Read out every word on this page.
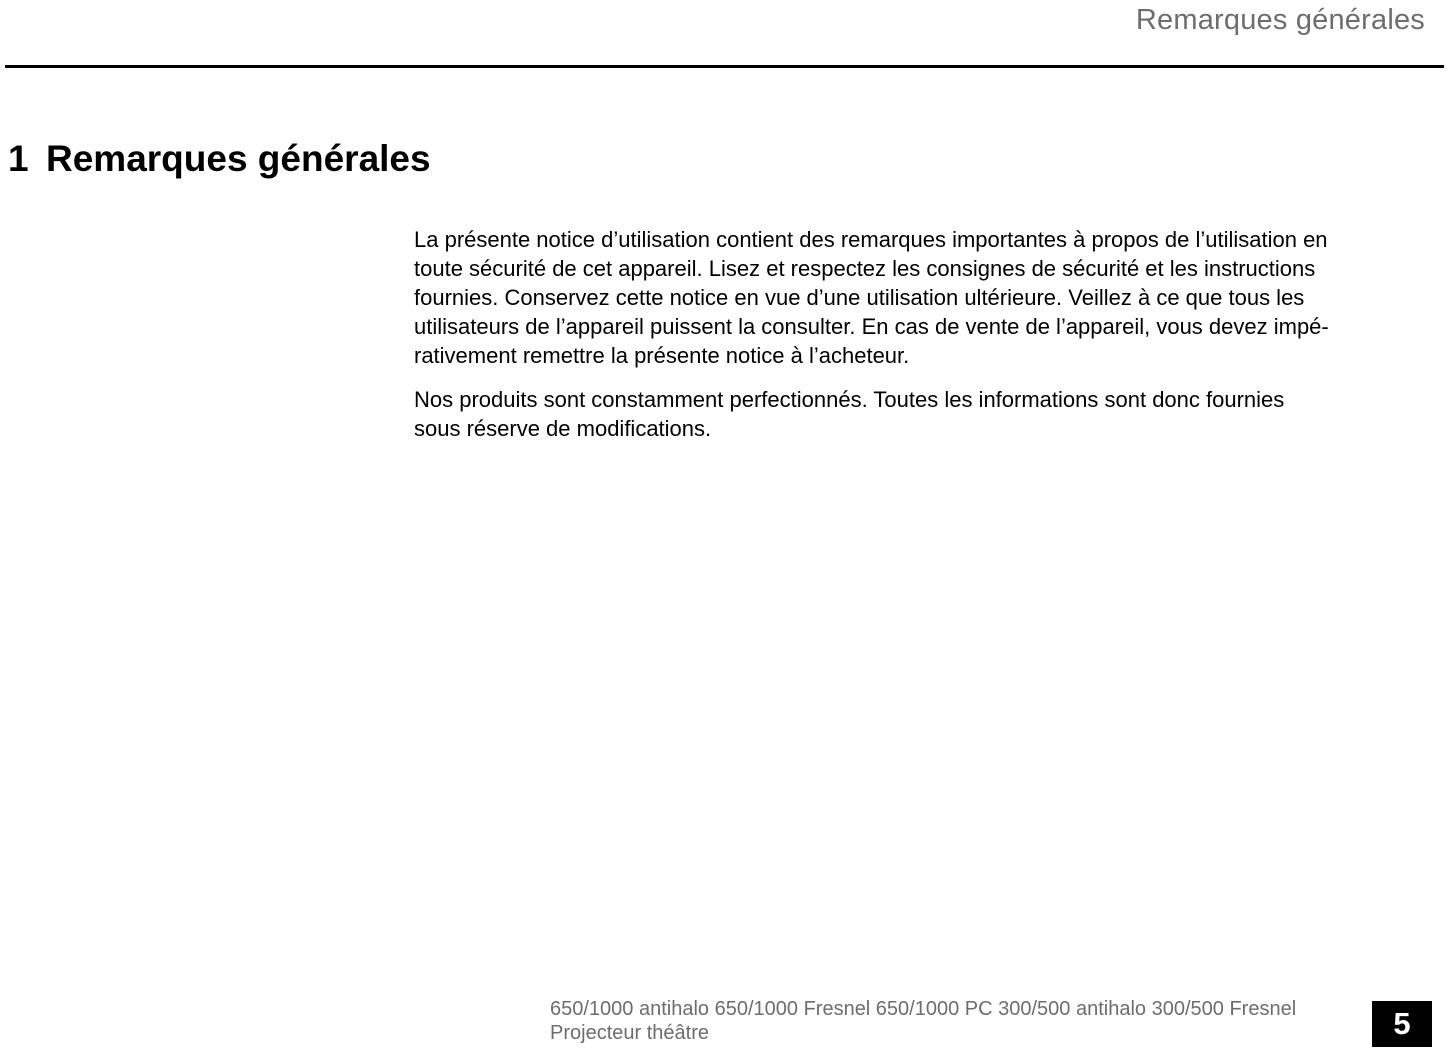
Remarques générales
1 Remarques générales

La présente notice d’utilisation contient des remarques importantes à propos de l’utilisation en
toute sécurité de cet appareil. Lisez et respectez les consignes de sécurité et les instructions
fournies. Conservez cette notice en vue d’une utilisation ultérieure. Veillez à ce que tous les
utilisateurs de l’appareil puissent la consulter. En cas de vente de l’appareil, vous devez impé-
rativement remettre la présente notice à l’acheteur.

Nos produits sont constamment perfectionnés. Toutes les informations sont donc fournies
sous réserve de modifications.

650/1000 antihalo 650/1000 Fresnel 650/1000 PC 300/500 antihalo 300/500 Fresnel
Projecteur théâtre	5
